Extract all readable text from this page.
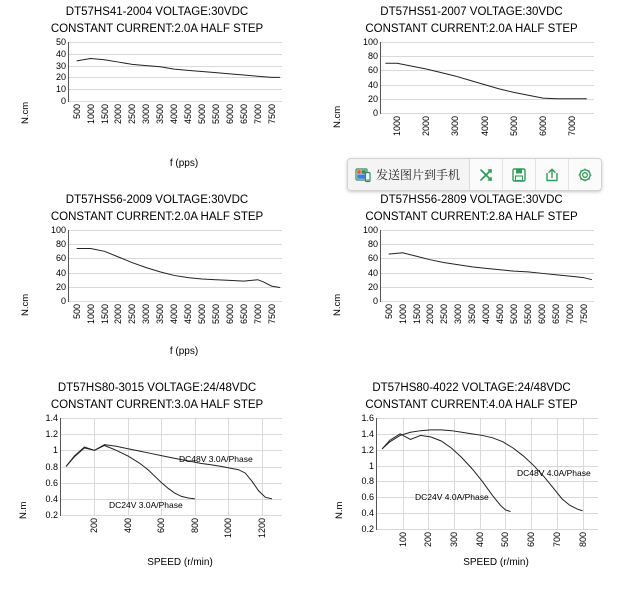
DT57HS41-2004 VOLTAGE:30VDC
CONSTANT CURRENT:2.0A HALF STEP
N.cm
0
10
20
30
40
50
500 1000 1500 2000 2500 3000 3500 4000 4500 5000 5500 6000 6500 7000 7500
f (pps)
DT57HS51-2007 VOLTAGE:30VDC
CONSTANT CURRENT:2.0A HALF STEP
N.cm	0
20
40
60
80
100
1000 2000 3000 4000 5000 6000 7000
DT57HS56-2009 VOLTAGE:30VDC
CONSTANT CURRENT:2.0A HALF STEP
N.cm	0
20
40
60
80
100
500 1000 1500 2000 2500 3000 3500 4000 4500 5000 5500 6000 6500 7000 7500
f (pps)
DT57HS56-2809 VOLTAGE:30VDC
CONSTANT CURRENT:2.8A HALF STEP
N.cm	0
20
40
60
80
100
500 1000 1500 2000 2500 3000 3500 4000 4500 5000 5500 6000 6500 7000 7500
DT57HS80-3015 VOLTAGE:24/48VDC
CONSTANT CURRENT:3.0A HALF STEP
N.m 0.2
0.4
0.6
0.8
1
1.2
1.4
200	400	600	800	1000	1200
DC48V 3.0A/Phase
DC24V 3.0A/Phase
SPEED (r/min)
DT57HS80-4022 VOLTAGE:24/48VDC
CONSTANT CURRENT:4.0A HALF STEP
N.m
0.2
0.4
0.6
0.8
1
1.2
1.4
1.6
100 200 300 400 500 600 700 800
DC48V 4.0A/Phase
DC24V 4.0A/Phase
SPEED (r/min)
发送图片到手机
